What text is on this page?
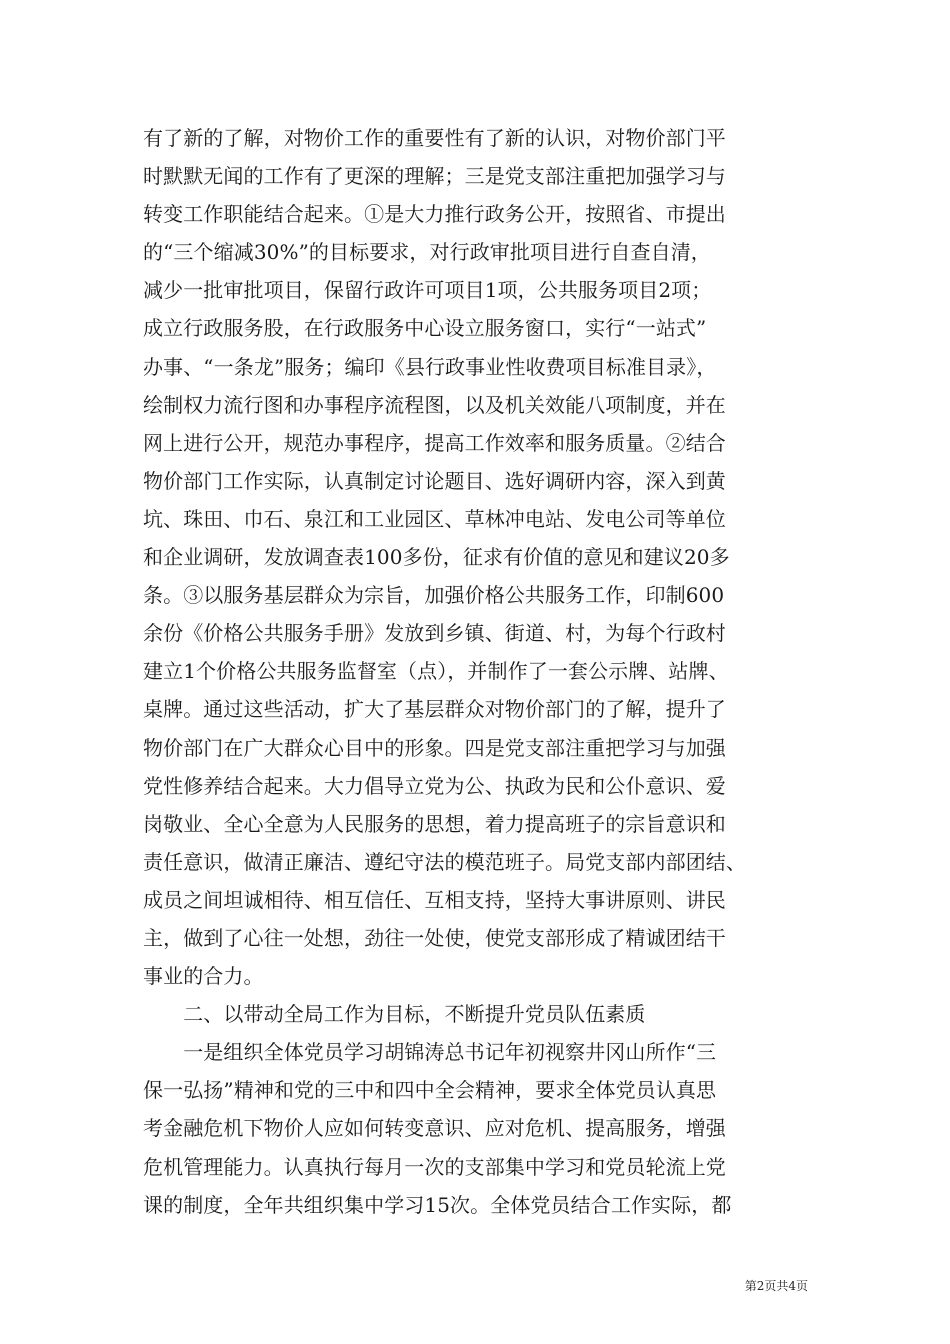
有了新的了解，对物价工作的重要性有了新的认识，对物价部门平
时默默无闻的工作有了更深的理解；三是党支部注重把加强学习与
转变工作职能结合起来。①是大力推行政务公开，按照省、市提出
的“三个缩减30%”的目标要求，对行政审批项目进行自查自清，
减少一批审批项目，保留行政许可项目1项，公共服务项目2项；
成立行政服务股，在行政服务中心设立服务窗口，实行“一站式”
办事、“一条龙”服务；编印《县行政事业性收费项目标准目录》，
绘制权力流行图和办事程序流程图，以及机关效能八项制度，并在
网上进行公开，规范办事程序，提高工作效率和服务质量。②结合
物价部门工作实际，认真制定讨论题目、选好调研内容，深入到黄
坑、珠田、巾石、泉江和工业园区、草林冲电站、发电公司等单位
和企业调研，发放调查表100多份，征求有价值的意见和建议20多
条。③以服务基层群众为宗旨，加强价格公共服务工作，印制600
余份《价格公共服务手册》发放到乡镇、街道、村，为每个行政村
建立1个价格公共服务监督室（点），并制作了一套公示牌、站牌、
桌牌。通过这些活动，扩大了基层群众对物价部门的了解，提升了
物价部门在广大群众心目中的形象。四是党支部注重把学习与加强
党性修养结合起来。大力倡导立党为公、执政为民和公仆意识、爱
岗敬业、全心全意为人民服务的思想，着力提高班子的宗旨意识和
责任意识，做清正廉洁、遵纪守法的模范班子。局党支部内部团结、
成员之间坦诚相待、相互信任、互相支持，坚持大事讲原则、讲民
主，做到了心往一处想，劲往一处使，使党支部形成了精诚团结干
事业的合力。
　　二、以带动全局工作为目标，不断提升党员队伍素质
　　一是组织全体党员学习胡锦涛总书记年初视察井冈山所作“三
保一弘扬”精神和党的三中和四中全会精神，要求全体党员认真思
考金融危机下物价人应如何转变意识、应对危机、提高服务，增强
危机管理能力。认真执行每月一次的支部集中学习和党员轮流上党
课的制度，全年共组织集中学习15次。全体党员结合工作实际，都
第2页共4页
